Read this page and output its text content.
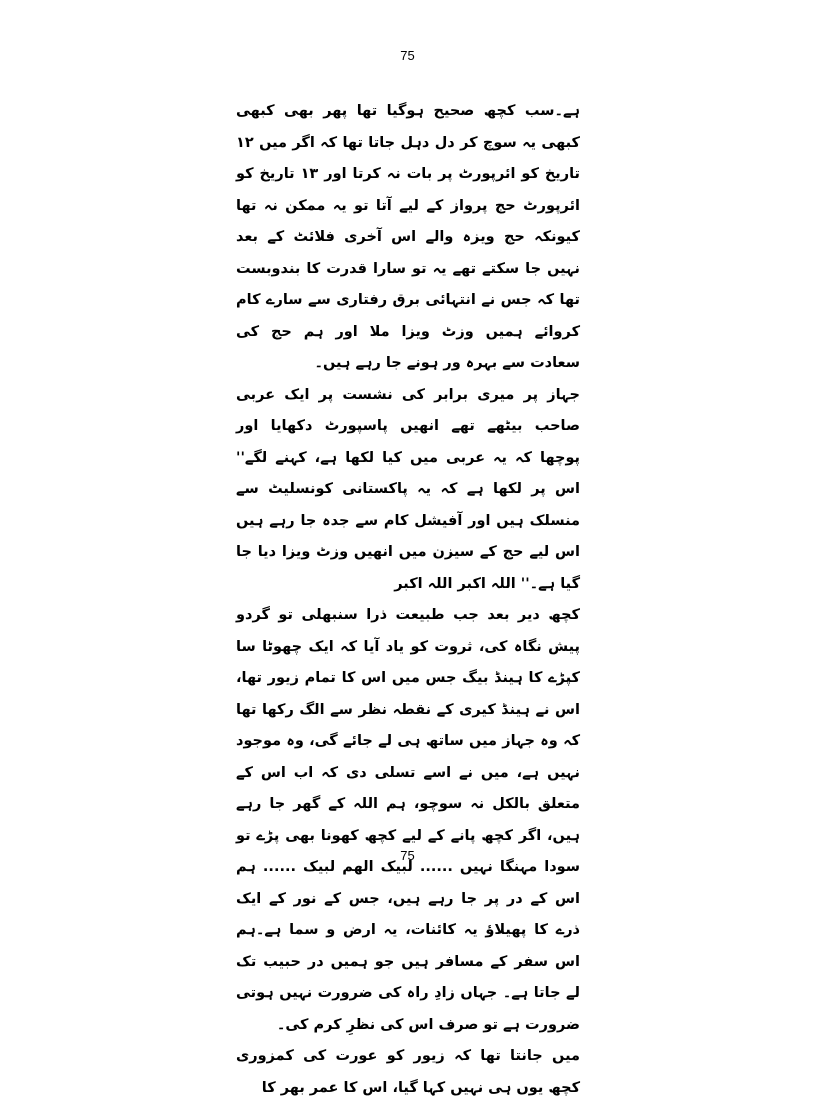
75

ہے۔سب کچھ صحیح ہوگیا تھا پھر بھی کبھی کبھی یہ سوچ کر دل دہل جاتا تھا کہ اگر میں ۱۲ تاریخ کو ائرپورٹ پر بات نہ کرتا اور ۱۳ تاریخ کو ائرپورٹ حج پرواز کے لیے آتا تو یہ ممکن نہ تھا کیونکہ حج ویزہ والے اس آخری فلائٹ کے بعد نہیں جا سکتے تھے یہ تو سارا قدرت کا بندوبست تھا کہ جس نے انتہائی برق رفتاری سے سارے کام کروائے ہمیں وزٹ ویزا ملا اور ہم حج کی سعادت سے بہرہ ور ہونے جا رہے ہیں۔

جہاز پر میری برابر کی نشست پر ایک عربی صاحب بیٹھے تھے انھیں پاسپورٹ دکھایا اور پوچھا کہ یہ عربی میں کیا لکھا ہے، کہنے لگے'' اس پر لکھا ہے کہ یہ پاکستانی کونسلیٹ سے منسلک ہیں اور آفیشل کام سے جدہ جا رہے ہیں اس لیے حج کے سیزن میں انھیں وزٹ ویزا دیا جا گیا ہے۔'' اللہ اکبر اللہ اکبر

کچھ دیر بعد جب طبیعت ذرا سنبھلی تو گردو پیش نگاہ کی، ثروت کو یاد آیا کہ ایک چھوٹا سا کپڑے کا ہینڈ بیگ جس میں اس کا تمام زیور تھا، اس نے ہینڈ کیری کے نقطہ نظر سے الگ رکھا تھا کہ وہ جہاز میں ساتھ ہی لے جائے گی، وہ موجود نہیں ہے، میں نے اسے تسلی دی کہ اب اس کے متعلق بالکل نہ سوچو، ہم اللہ کے گھر جا رہے ہیں، اگر کچھ پانے کے لیے کچھ کھونا بھی پڑے تو سودا مہنگا نہیں ...... لبیک الھم لبیک ...... ہم اس کے در پر جا رہے ہیں، جس کے نور کے ایک ذرے کا پھیلاؤ یہ کائنات، یہ ارض و سما ہے۔ہم اس سفر کے مسافر ہیں جو ہمیں در حبیب تک لے جاتا ہے۔ جہاں زادِ راہ کی ضرورت نہیں ہوتی ضرورت ہے تو صرف اس کی نظرِ کرم کی۔

میں جانتا تھا کہ زیور کو عورت کی کمزوری کچھ یوں ہی نہیں کہا گیا، اس کا عمر بھر کا

75
